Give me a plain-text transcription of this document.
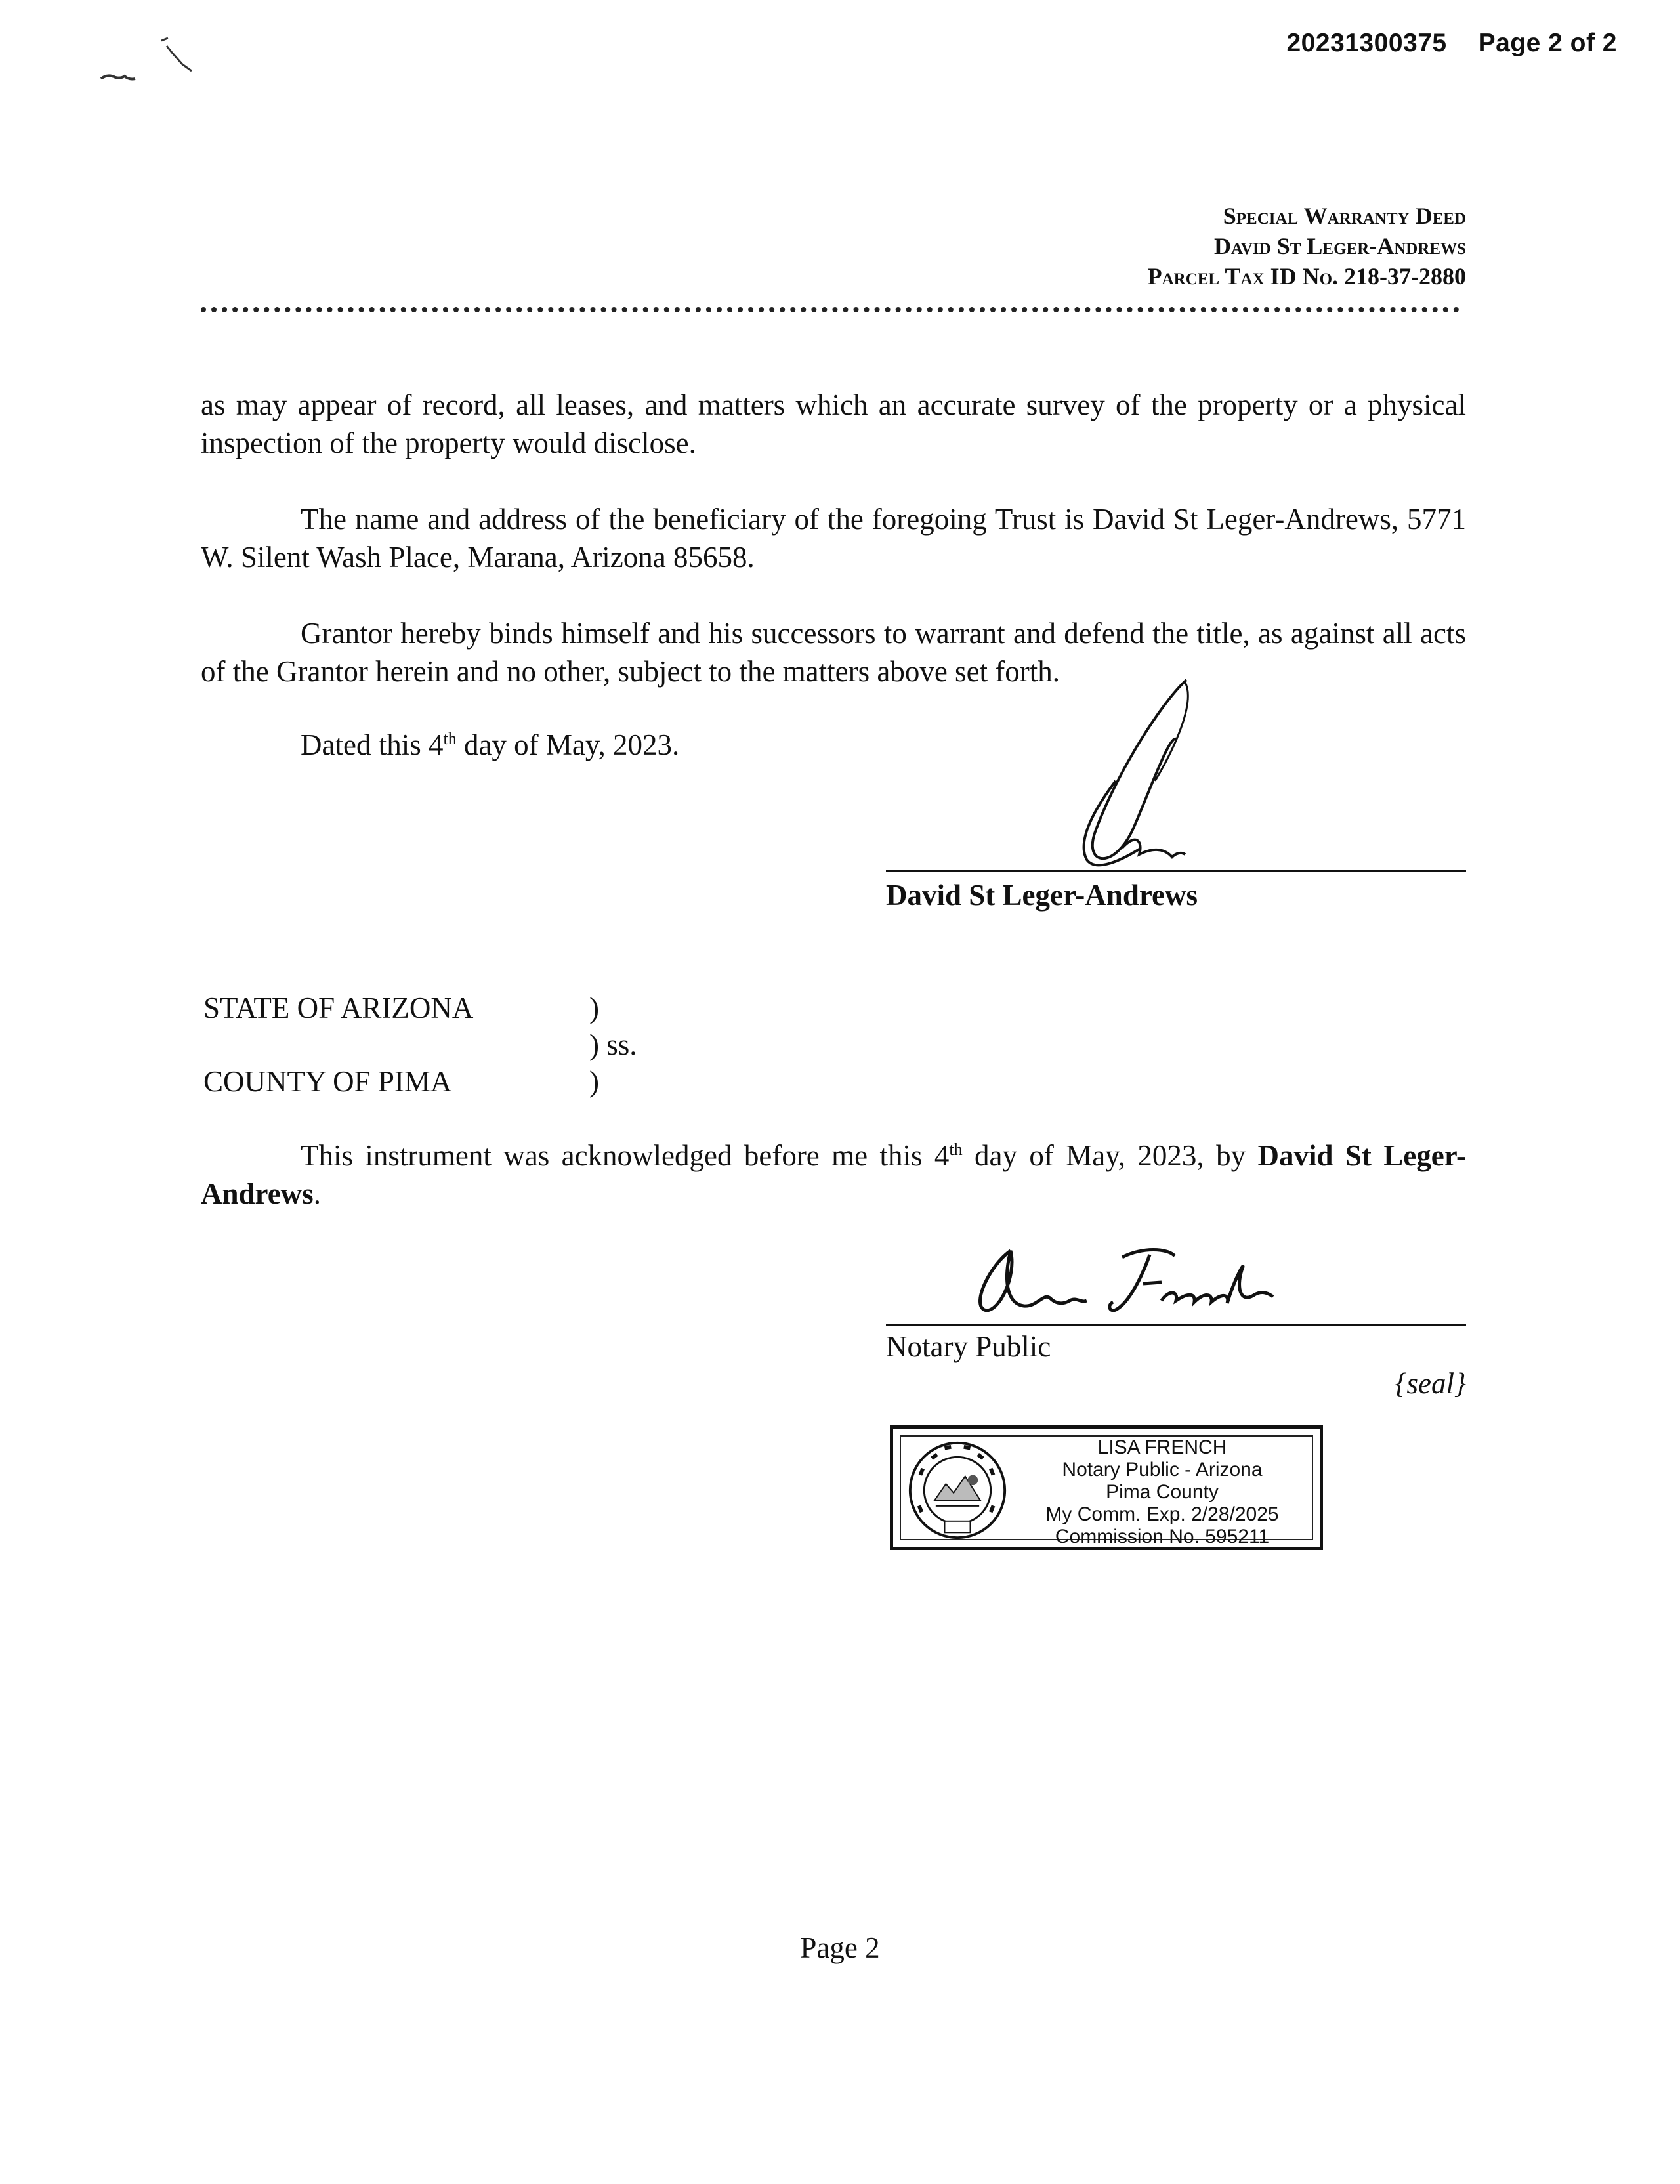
20231300375 Page 2 of 2
Special Warranty Deed
David St Leger-Andrews
Parcel Tax ID No. 218-37-2880
as may appear of record, all leases, and matters which an accurate survey of the property or a physical inspection of the property would disclose.
The name and address of the beneficiary of the foregoing Trust is David St Leger-Andrews, 5771 W. Silent Wash Place, Marana, Arizona 85658.
Grantor hereby binds himself and his successors to warrant and defend the title, as against all acts of the Grantor herein and no other, subject to the matters above set forth.
Dated this 4th day of May, 2023.
David St Leger-Andrews
STATE OF ARIZONA	)
) ss.
COUNTY OF PIMA	)
This instrument was acknowledged before me this 4th day of May, 2023, by David St Leger-Andrews.
Notary Public
{seal}
LISA FRENCH
Notary Public - Arizona
Pima County
My Comm. Exp. 2/28/2025
Commission No. 595211
Page 2
